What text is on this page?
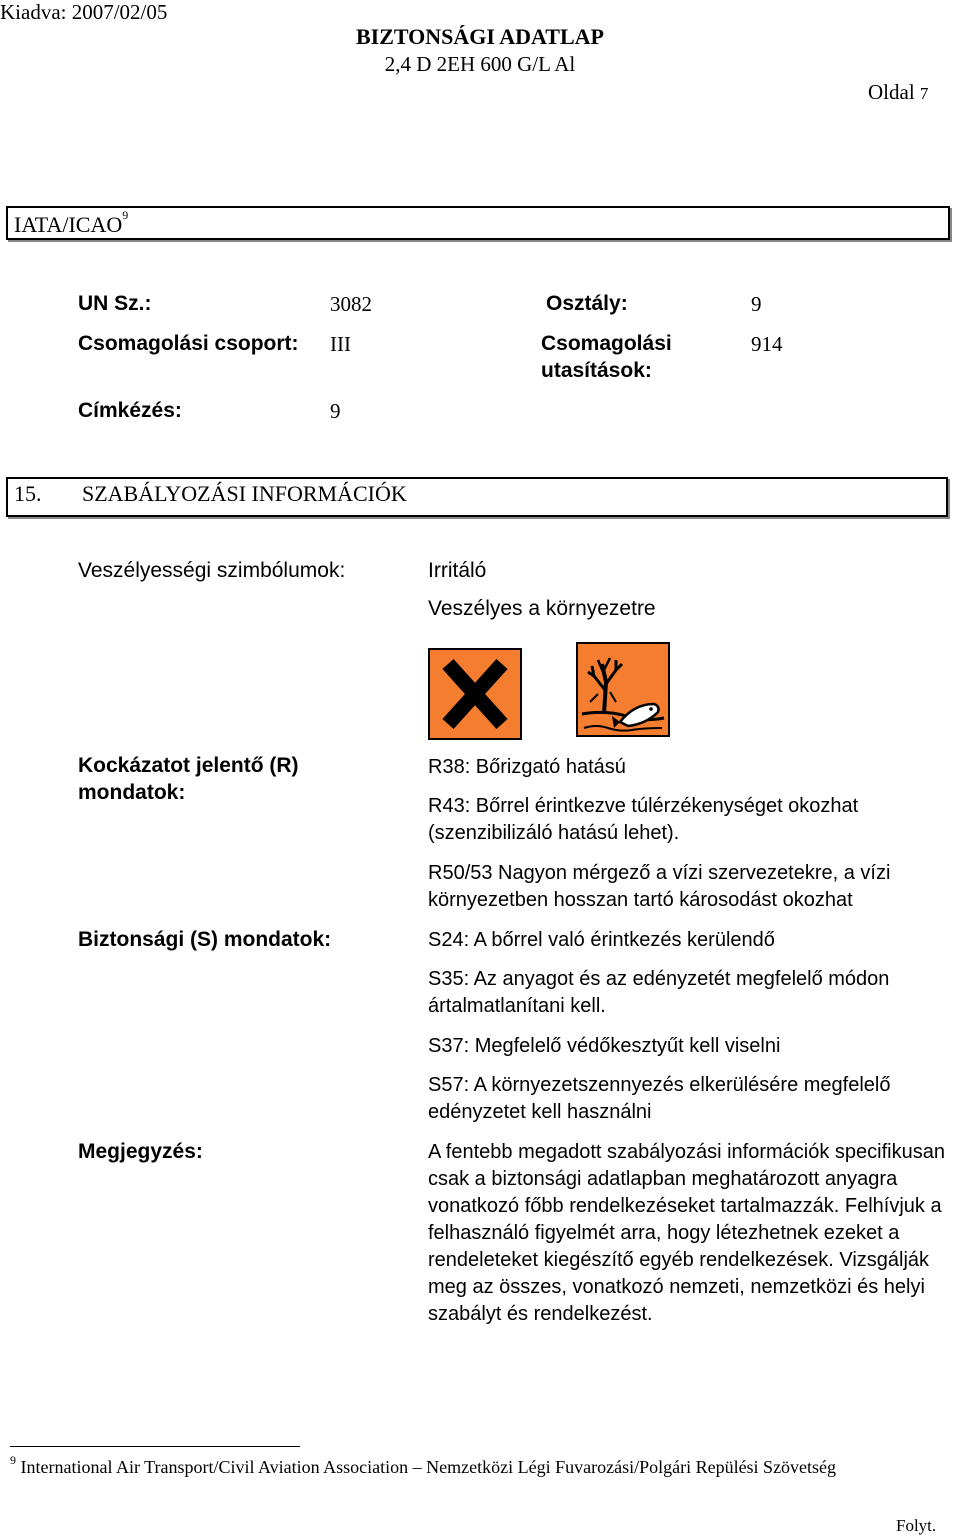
Kiadva: 2007/02/05
BIZTONSÁGI ADATLAP
2,4 D 2EH 600 G/L Al
Oldal 7
IATA/ICAO$^9$
UN Sz.:	3082	Osztály:	9
Csomagolási csoport: III	Csomagolási
utasítások:
914
Címkézés:	9
15. SZABÁLYOZÁSI INFORMÁCIÓK
Veszélyességi szimbólumok:	Irritáló
Veszélyes a környezetre
Kockázatot jelentő (R)
mondatok:
R38: Bőrizgató hatású
R43: Bőrrel érintkezve túlérzékenységet okozhat (szenzibilizáló hatású lehet).
R50/53 Nagyon mérgező a vízi szervezetekre, a vízi környezetben hosszan tartó károsodást okozhat
Biztonsági (S) mondatok:	S24: A bőrrel való érintkezés kerülendő
S35: Az anyagot és az edényzetét megfelelő módon ártalmatlanítani kell.
S37: Megfelelő védőkesztyűt kell viselni
S57: A környezetszennyezés elkerülésére megfelelő edényzetet kell használni
Megjegyzés:	A fentebb megadott szabályozási információk specifikusan csak a biztonsági adatlapban meghatározott anyagra vonatkozó főbb rendelkezéseket tartalmazzák. Felhívjuk a felhasználó figyelmét arra, hogy létezhetnek ezeket a rendeleteket kiegészítő egyéb rendelkezések. Vizsgálják meg az összes, vonatkozó nemzeti, nemzetközi és helyi szabályt és rendelkezést.
$^9$ International Air Transport/Civil Aviation Association – Nemzetközi Légi Fuvarozási/Polgári Repülési Szövetség
Folyt.
